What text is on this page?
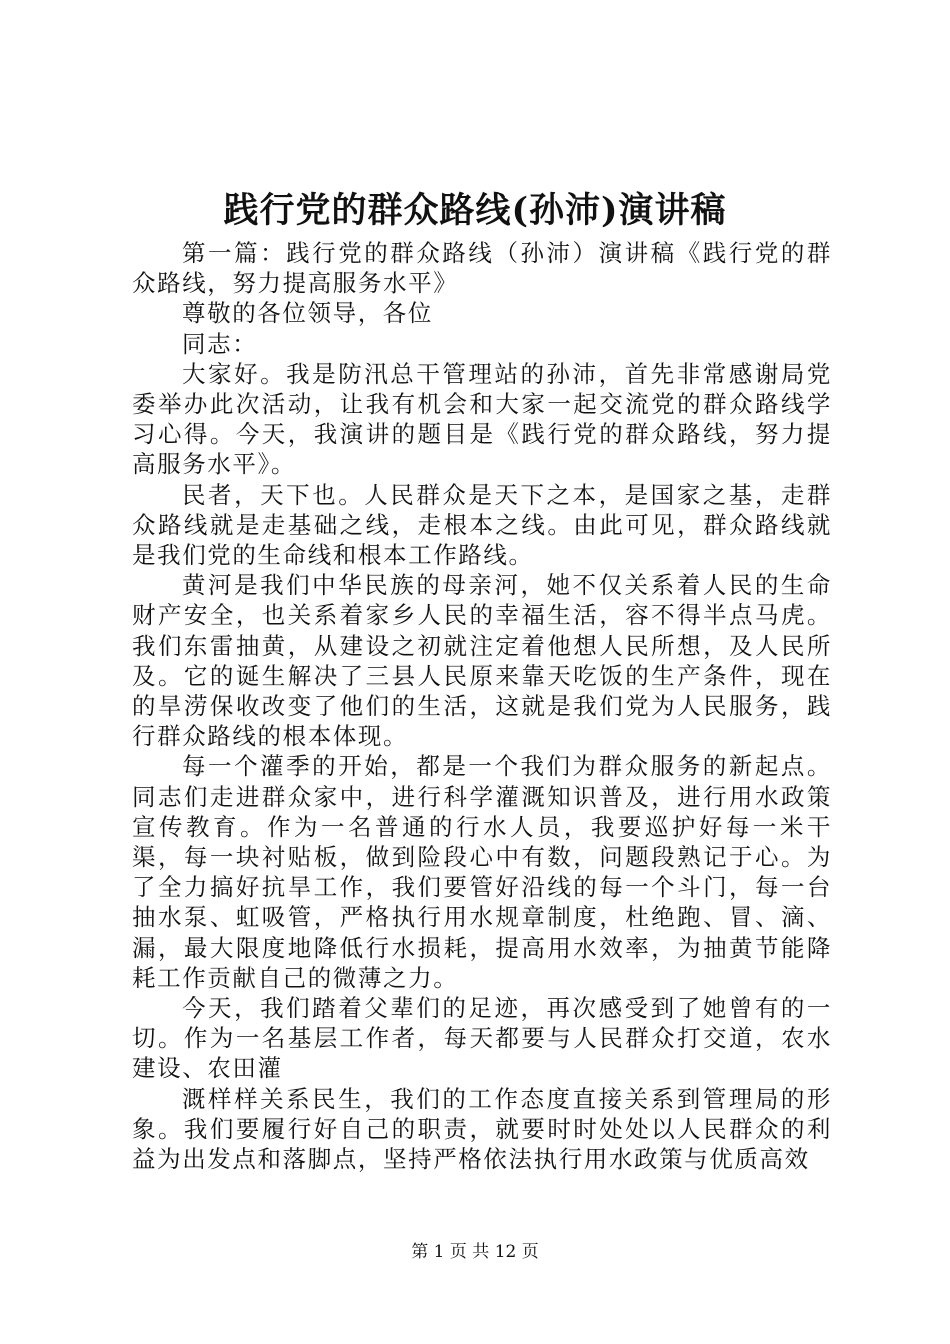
践行党的群众路线(孙沛)演讲稿

第一篇：践行党的群众路线（孙沛）演讲稿《践行党的群众路线，努力提高服务水平》

尊敬的各位领导，各位

同志：

大家好。我是防汛总干管理站的孙沛，首先非常感谢局党委举办此次活动，让我有机会和大家一起交流党的群众路线学习心得。今天，我演讲的题目是《践行党的群众路线，努力提高服务水平》。

民者，天下也。人民群众是天下之本，是国家之基，走群众路线就是走基础之线，走根本之线。由此可见，群众路线就是我们党的生命线和根本工作路线。

黄河是我们中华民族的母亲河，她不仅关系着人民的生命财产安全，也关系着家乡人民的幸福生活，容不得半点马虎。我们东雷抽黄，从建设之初就注定着他想人民所想，及人民所及。它的诞生解决了三县人民原来靠天吃饭的生产条件，现在的旱涝保收改变了他们的生活，这就是我们党为人民服务，践行群众路线的根本体现。

每一个灌季的开始，都是一个我们为群众服务的新起点。同志们走进群众家中，进行科学灌溉知识普及，进行用水政策宣传教育。作为一名普通的行水人员，我要巡护好每一米干渠，每一块衬贴板，做到险段心中有数，问题段熟记于心。为了全力搞好抗旱工作，我们要管好沿线的每一个斗门，每一台抽水泵、虹吸管，严格执行用水规章制度，杜绝跑、冒、滴、漏，最大限度地降低行水损耗，提高用水效率，为抽黄节能降耗工作贡献自己的微薄之力。

今天，我们踏着父辈们的足迹，再次感受到了她曾有的一切。作为一名基层工作者，每天都要与人民群众打交道，农水建设、农田灌

溉样样关系民生，我们的工作态度直接关系到管理局的形象。我们要履行好自己的职责，就要时时处处以人民群众的利益为出发点和落脚点，坚持严格依法执行用水政策与优质高效

第 1 页 共 12 页
